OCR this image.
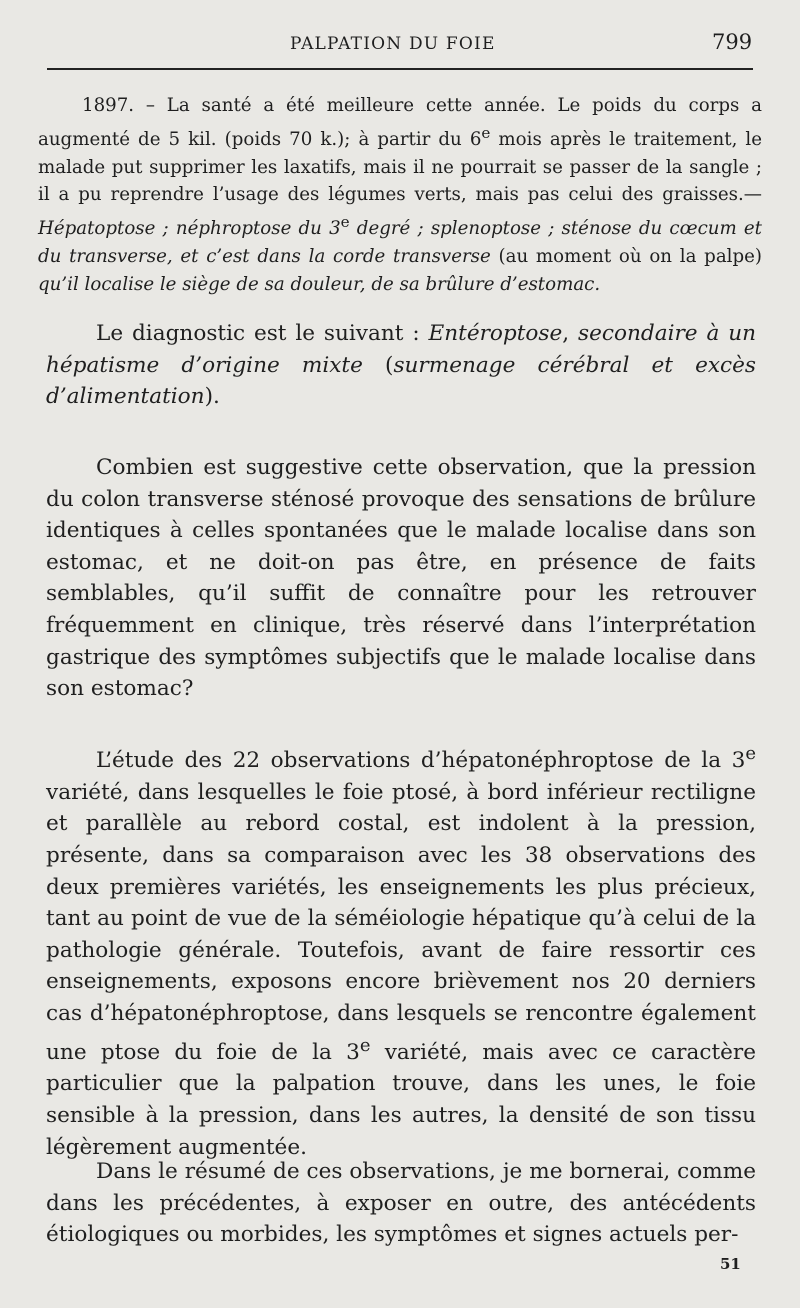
PALPATION DU FOIE	799

1897. – La santé a été meilleure cette année. Le poids du corps a augmenté de 5 kil. (poids 70 k.); à partir du 6e mois après le traitement, le malade put supprimer les laxatifs, mais il ne pourrait se passer de la sangle ; il a pu reprendre l’usage des légumes verts, mais pas celui des graisses.— Hépatoptose ; néphroptose du 3e degré ; splenoptose ; sténose du cœcum et du transverse, et c’est dans la corde transverse (au moment où on la palpe) qu’il localise le siège de sa douleur, de sa brûlure d’estomac.

Le diagnostic est le suivant : Entéroptose, secondaire à un hépatisme d’origine mixte (surmenage cérébral et excès d’alimentation).

Combien est suggestive cette observation, que la pression du colon transverse sténosé provoque des sensations de brûlure identiques à celles spontanées que le malade localise dans son estomac, et ne doit-on pas être, en présence de faits semblables, qu’il suffit de connaître pour les retrouver fréquemment en clinique, très réservé dans l’interprétation gastrique des symptômes subjectifs que le malade localise dans son estomac?

L’étude des 22 observations d’hépatonéphroptose de la 3e variété, dans lesquelles le foie ptosé, à bord inférieur rectiligne et parallèle au rebord costal, est indolent à la pression, présente, dans sa comparaison avec les 38 observations des deux premières variétés, les enseignements les plus précieux, tant au point de vue de la séméiologie hépatique qu’à celui de la pathologie générale. Toutefois, avant de faire ressortir ces enseignements, exposons encore brièvement nos 20 derniers cas d’hépatonéphroptose, dans lesquels se rencontre également une ptose du foie de la 3e variété, mais avec ce caractère particulier que la palpation trouve, dans les unes, le foie sensible à la pression, dans les autres, la densité de son tissu légèrement augmentée.

Dans le résumé de ces observations, je me bornerai, comme dans les précédentes, à exposer en outre, des antécédents étiologiques ou morbides, les symptômes et signes actuels per-

51
